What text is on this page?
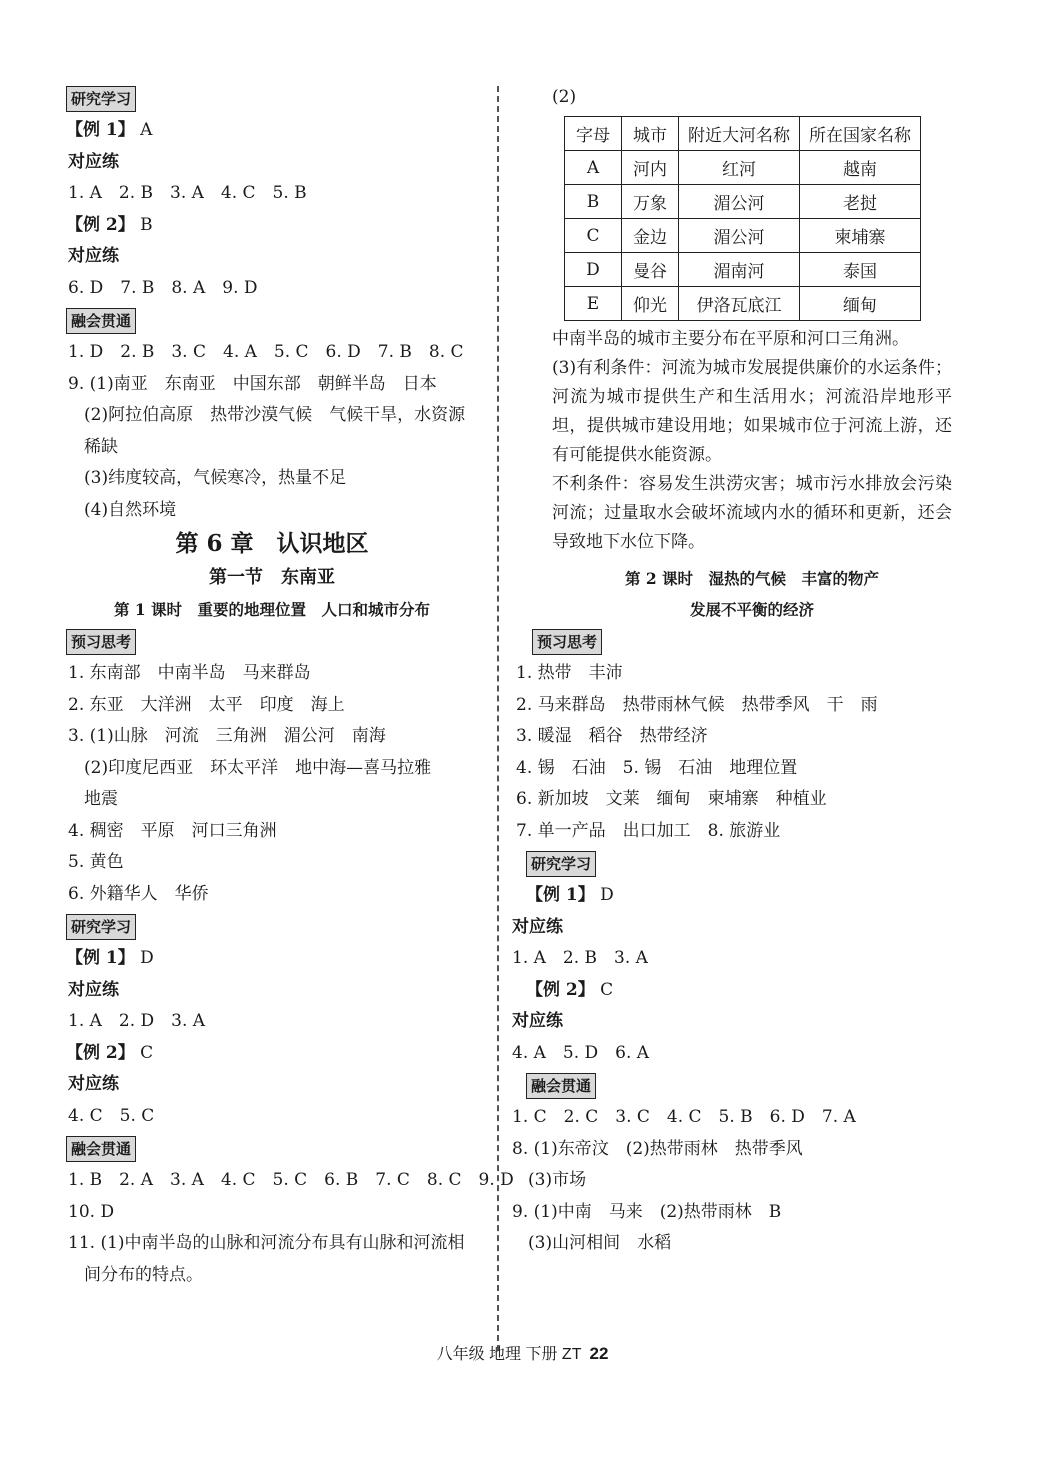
研究学习
【例 1】 A
对应练
1. A　2. B　3. A　4. C　5. B
【例 2】 B
对应练
6. D　7. B　8. A　9. D
融会贯通
1. D　2. B　3. C　4. A　5. C　6. D　7. B　8. C
9. (1)南亚　东南亚　中国东部　朝鲜半岛　日本
(2)阿拉伯高原　热带沙漠气候　气候干旱，水资源
稀缺
(3)纬度较高，气候寒冷，热量不足
(4)自然环境
第 6 章　认识地区
第一节　东南亚
第 1 课时　重要的地理位置　人口和城市分布
预习思考
1. 东南部　中南半岛　马来群岛
2. 东亚　大洋洲　太平　印度　海上
3. (1)山脉　河流　三角洲　湄公河　南海
(2)印度尼西亚　环太平洋　地中海—喜马拉雅
地震
4. 稠密　平原　河口三角洲
5. 黄色
6. 外籍华人　华侨
研究学习
【例 1】 D
对应练
1. A　2. D　3. A
【例 2】 C
对应练
4. C　5. C
融会贯通
1. B　2. A　3. A　4. C　5. C　6. B　7. C　8. C　9. D
10. D
11. (1)中南半岛的山脉和河流分布具有山脉和河流相
间分布的特点。
(2)
字母	城市	附近大河名称	所在国家名称
A	河内	红河	越南
B	万象	湄公河	老挝
C	金边	湄公河	柬埔寨
D	曼谷	湄南河	泰国
E	仰光	伊洛瓦底江	缅甸
中南半岛的城市主要分布在平原和河口三角洲。
(3)有利条件：河流为城市发展提供廉价的水运条件；河流为城市提供生产和生活用水；河流沿岸地形平坦，提供城市建设用地；如果城市位于河流上游，还有可能提供水能资源。
不利条件：容易发生洪涝灾害；城市污水排放会污染河流；过量取水会破坏流域内水的循环和更新，还会导致地下水位下降。
第 2 课时　湿热的气候　丰富的物产
发展不平衡的经济
预习思考
1. 热带　丰沛
2. 马来群岛　热带雨林气候　热带季风　干　雨
3. 暖湿　稻谷　热带经济
4. 锡　石油　5. 锡　石油　地理位置
6. 新加坡　文莱　缅甸　柬埔寨　种植业
7. 单一产品　出口加工　8. 旅游业
研究学习
【例 1】 D
对应练
1. A　2. B　3. A
【例 2】 C
对应练
4. A　5. D　6. A
融会贯通
1. C　2. C　3. C　4. C　5. B　6. D　7. A
8. (1)东帝汶　(2)热带雨林　热带季风
(3)市场
9. (1)中南　马来　(2)热带雨林　B
(3)山河相间　水稻
八年级 地理 下册 ZT 22
